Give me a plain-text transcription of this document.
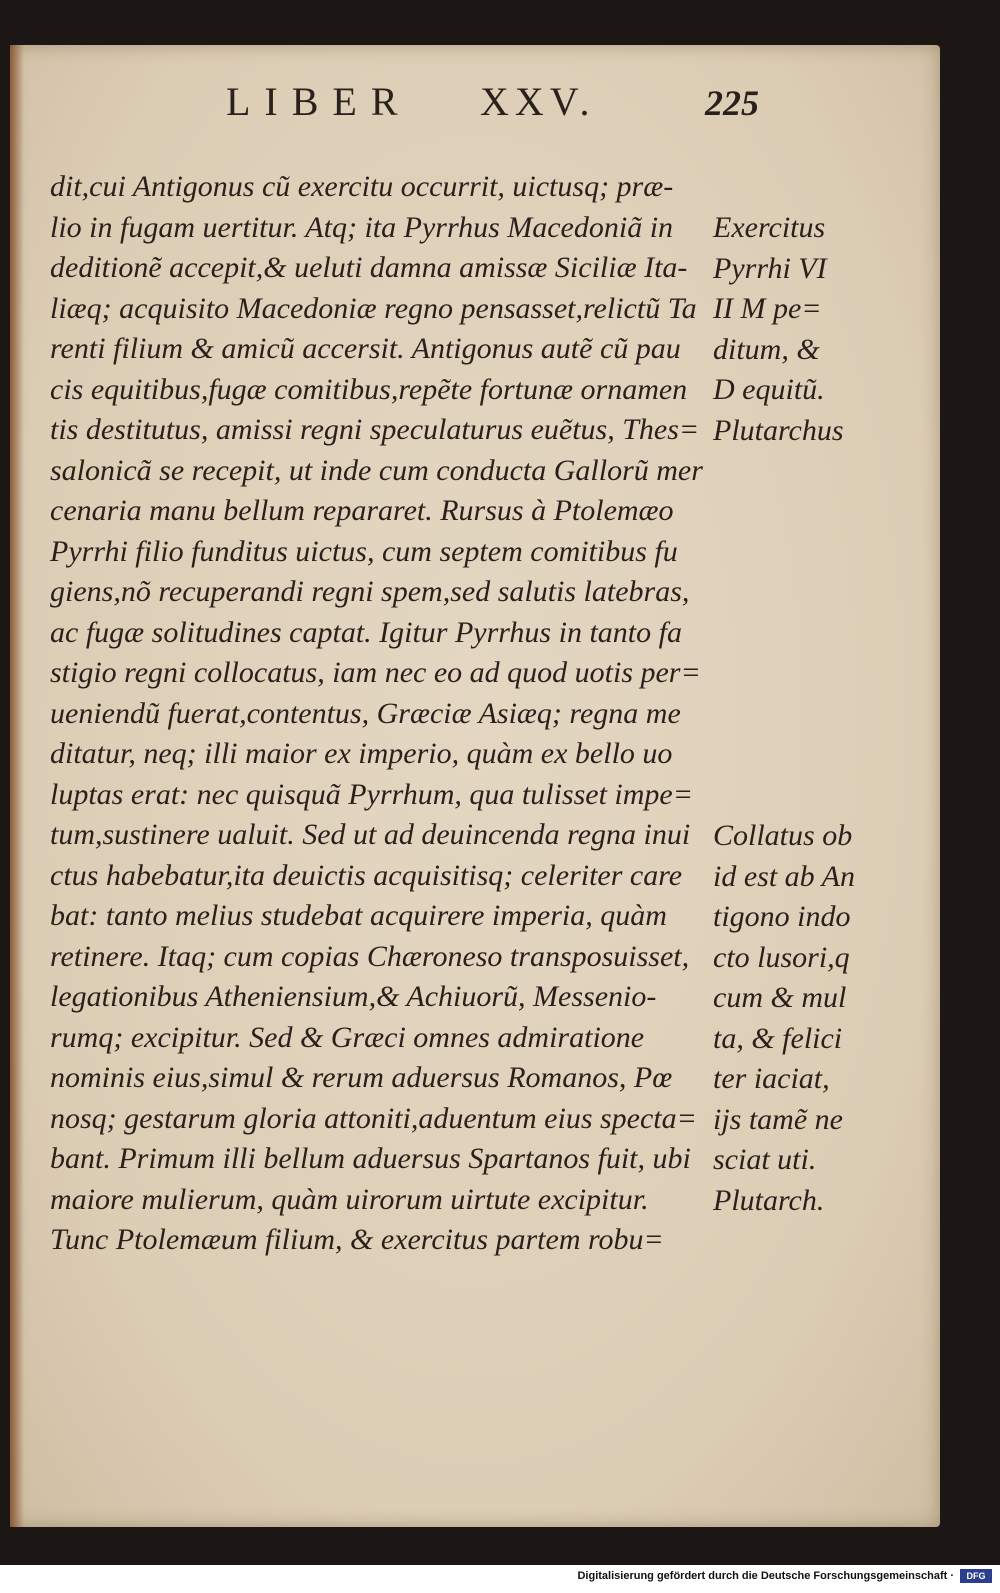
LIBER XXV.	225
dit,cui Antigonus cũ exercitu occurrit, uictusq; præ-
lio in fugam uertitur. Atq; ita Pyrrhus Macedoniã in
deditionẽ accepit,& ueluti damna amissæ Siciliæ Ita-
liæq; acquisito Macedoniæ regno pensasset,relictũ Ta
renti filium & amicũ accersit. Antigonus autẽ cũ pau
cis equitibus,fugæ comitibus,repẽte fortunæ ornamen
tis destitutus, amissi regni speculaturus euẽtus, Thes=
salonicã se recepit, ut inde cum conducta Gallorũ mer
cenaria manu bellum repararet. Rursus à Ptolemæo
Pyrrhi filio funditus uictus, cum septem comitibus fu
giens,nõ recuperandi regni spem,sed salutis latebras,
ac fugæ solitudines captat. Igitur Pyrrhus in tanto fa
stigio regni collocatus, iam nec eo ad quod uotis per=
ueniendũ fuerat,contentus, Græciæ Asiæq; regna me
ditatur, neq; illi maior ex imperio, quàm ex bello uo
luptas erat: nec quisquã Pyrrhum, qua tulisset impe=
tum,sustinere ualuit. Sed ut ad deuincenda regna inui
ctus habebatur,ita deuictis acquisitisq; celeriter care
bat: tanto melius studebat acquirere imperia, quàm
retinere. Itaq; cum copias Chæroneso transposuisset,
legationibus Atheniensium,& Achiuorũ, Messenio-
rumq; excipitur. Sed & Græci omnes admiratione
nominis eius,simul & rerum aduersus Romanos, Pœ
nosq; gestarum gloria attoniti,aduentum eius specta=
bant. Primum illi bellum aduersus Spartanos fuit, ubi
maiore mulierum, quàm uirorum uirtute excipitur.
Tunc Ptolemæum filium, & exercitus partem robu=
Exercitus
Pyrrhi VI
II M pe=
ditum, &
D equitũ.
Plutarchus
Collatus ob
id est ab An
tigono indo
cto lusori,q
cum & mul
ta, & felici
ter iaciat,
ijs tamẽ ne
sciat uti.
Plutarch.
Digitalisierung gefördert durch die Deutsche Forschungsgemeinschaft ·	DFG
